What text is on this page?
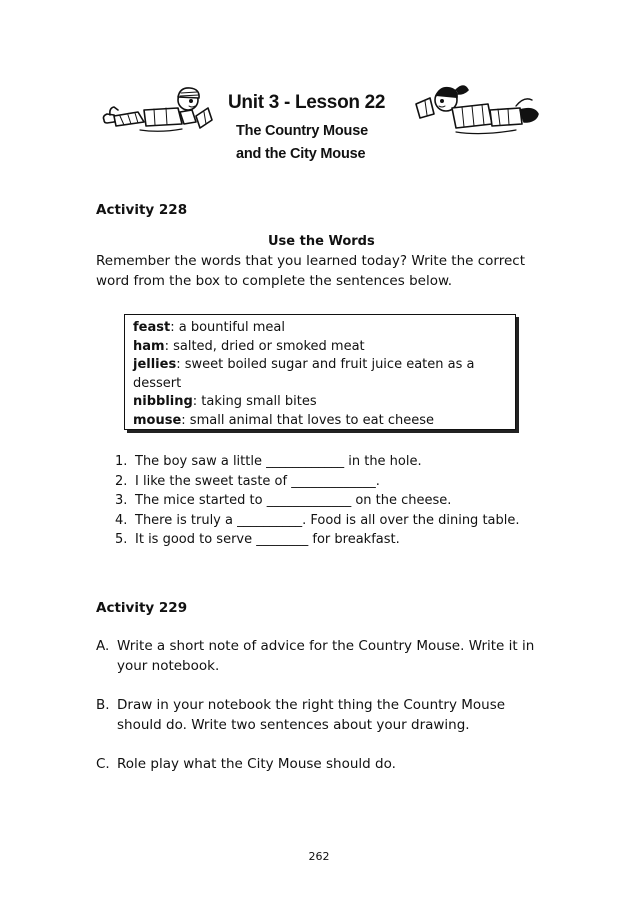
Unit 3 - Lesson 22
The Country Mouse
and the City Mouse
Activity 228
Use the Words
Remember the words that you learned today? Write the correct word from the box to complete the sentences below.
feast: a bountiful meal
ham: salted, dried or smoked meat
jellies: sweet boiled sugar and fruit juice eaten as a dessert
nibbling: taking small bites
mouse: small animal that loves to eat cheese
1. The boy saw a little ____________ in the hole.
2. I like the sweet taste of _____________.
3. The mice started to _____________ on the cheese.
4. There is truly a __________. Food is all over the dining table.
5. It is good to serve ________ for breakfast.
Activity 229
A. Write a short note of advice for the Country Mouse. Write it in your notebook.
B. Draw in your notebook the right thing the Country Mouse should do. Write two sentences about your drawing.
C. Role play what the City Mouse should do.
262
